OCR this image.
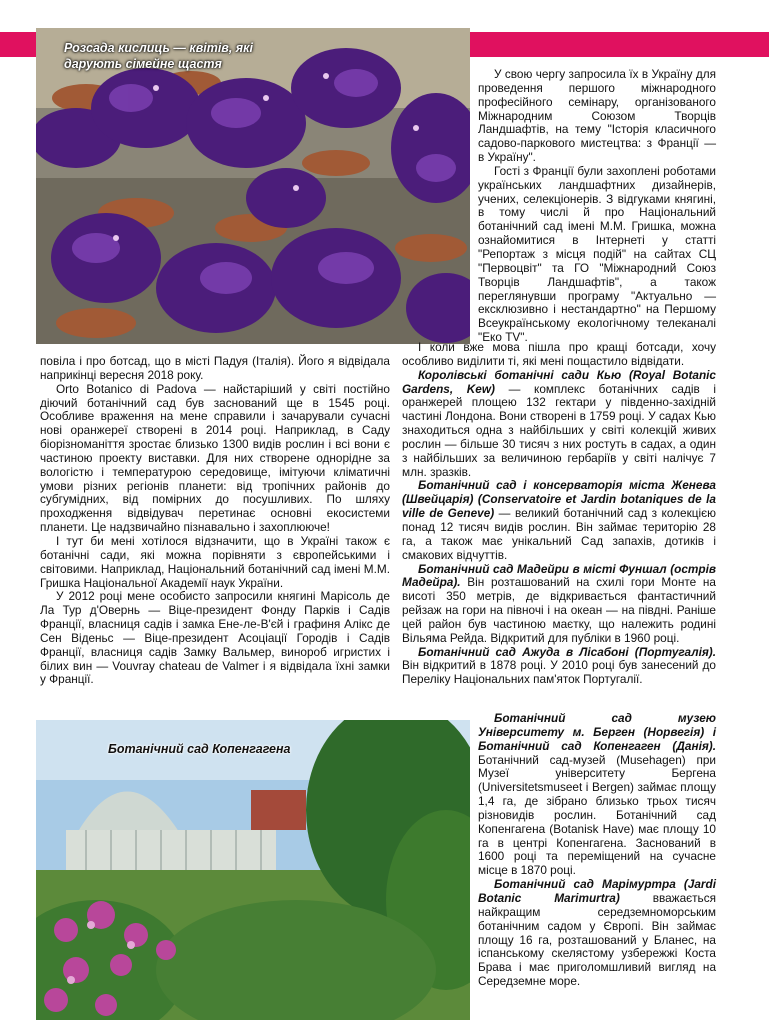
Розсада кислиць — квітів, які дарують сімейне щастя

повіла і про ботсад, що в місті Падуя (Італія). Його я відвідала наприкінці вересня 2018 року.

Orto Botanico di Padova — найстаріший у світі постійно діючий ботанічний сад був заснований ще в 1545 році. Особливе враження на мене справили і зачарували сучасні нові оранжереї створені в 2014 році. Наприклад, в Саду біорізноманіття зростає близько 1300 видів рослин і всі вони є частиною проекту виставки. Для них створене однорідне за вологістю і температурою середовище, імітуючи кліматичні умови різних регіонів планети: від тропічних районів до субгумідних, від помірних до посушливих. По шляху проходження відвідувач перетинає основні екосистеми планети. Це надзвичайно пізнавально і захоплююче!

І тут би мені хотілося відзначити, що в Україні також є ботанічні сади, які можна порівняти з європейськими і світовими. Наприклад, Національний ботанічний сад імені М.М. Гришка Національної Академії наук України.

У 2012 році мене особисто запросили княгині Марісоль де Ла Тур д'Овернь — Віце-президент Фонду Парків і Садів Франції, власниця садів і замка Ене-ле-В'єй і графиня Алікс де Сен Віденьс — Віце-президент Асоціації Городів і Садів Франції, власниця садів Замку Вальмер, винороб игристих і білих вин — Vouvray chateau de Valmer і я відвідала їхні замки у Франції.

У свою чергу запросила їх в Україну для проведення першого міжнародного професійного семінару, організованого Міжнародним Союзом Творців Ландшафтів, на тему "Історія класичного садово-паркового мистецтва: з Франції — в Україну".

Гості з Франції були захоплені роботами українських ландшафтних дизайнерів, учених, селекціонерів. З відгуками княгині, в тому числі й про Національний ботанічний сад імені М.М. Гришка, можна ознайомитися в Інтернеті у статті "Репортаж з місця подій" на сайтах СЦ "Первоцвіт" та ГО "Міжнародний Союз Творців Ландшафтів", а також переглянувши програму "Актуально — ексклюзивно і нестандартно" на Першому Всеукраїнському екологічному телеканалі "Еко TV".

І коли вже мова пішла про кращі ботсади, хочу особливо виділити ті, які мені пощастило відвідати.

Королівські ботанічні сади Кью (Royal Botanic Gardens, Kew) — комплекс ботанічних садів і оранжерей площею 132 гектари у південно-західній частині Лондона. Вони створені в 1759 році. У садах Кью знаходиться одна з найбільших у світі колекцій живих рослин — більше 30 тисяч з них ростуть в садах, а один з найбільших за величиною гербаріїв у світі налічує 7 млн. зразків.

Ботанічний сад і консерваторія міста Женева (Швейцарія) (Conservatoire et Jardin botaniques de la ville de Geneve) — великий ботанічний сад з колекцією понад 12 тисяч видів рослин. Він займає територію 28 га, а також має унікальний Сад запахів, дотиків і смакових відчуттів.

Ботанічний сад Мадейри в місті Фуншал (острів Мадейра). Він розташований на схилі гори Монте на висоті 350 метрів, де відкривається фантастичний рейзаж на гори на півночі і на океан — на півдні. Раніше цей район був частиною маєтку, що належить родині Вільяма Рейда. Відкритий для публіки в 1960 році.

Ботанічний сад Ажуда в Лісабоні (Португалія). Він відкритий в 1878 році. У 2010 році був занесений до Переліку Національних пам'яток Португалії.

Ботанічний сад Копенгагена

Ботанічний сад музею Університету м. Берген (Норвегія) і Ботанічний сад Копенгаген (Данія). Ботанічний сад-музей (Musehagen) при Музеї університету Бергена (Universitetsmuseet i Bergen) займає площу 1,4 га, де зібрано близько трьох тисяч різновидів рослин. Ботанічний сад Копенгагена (Botanisk Have) має площу 10 га в центрі Копенгагена. Заснований в 1600 році та переміщений на сучасне місце в 1870 році.

Ботанічний сад Марімуртра (Jardi Botanic Marimurtra) вважається найкращим середземноморським ботанічним садом у Європі. Він займає площу 16 га, розташований у Бланес, на іспанському скелястому узбережжі Коста Брава і має приголомшливий вигляд на Середземне море.
